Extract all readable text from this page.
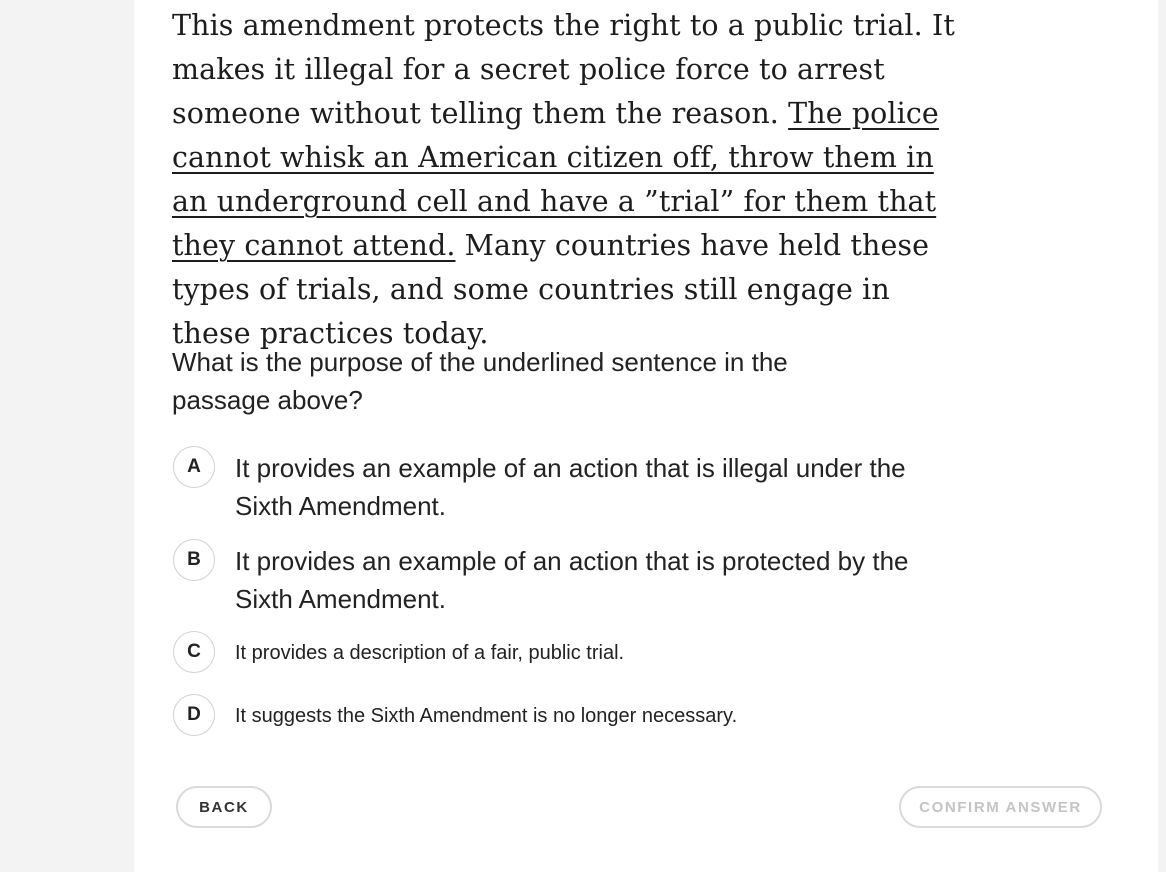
This amendment protects the right to a public trial. It makes it illegal for a secret police force to arrest someone without telling them the reason. The police cannot whisk an American citizen off, throw them in an underground cell and have a ”trial” for them that they cannot attend. Many countries have held these types of trials, and some countries still engage in these practices today.

What is the purpose of the underlined sentence in the passage above?

A	It provides an example of an action that is illegal under the Sixth Amendment.
B	It provides an example of an action that is protected by the Sixth Amendment.
C	It provides a description of a fair, public trial.
D	It suggests the Sixth Amendment is no longer necessary.
BACK	CONFIRM ANSWER
